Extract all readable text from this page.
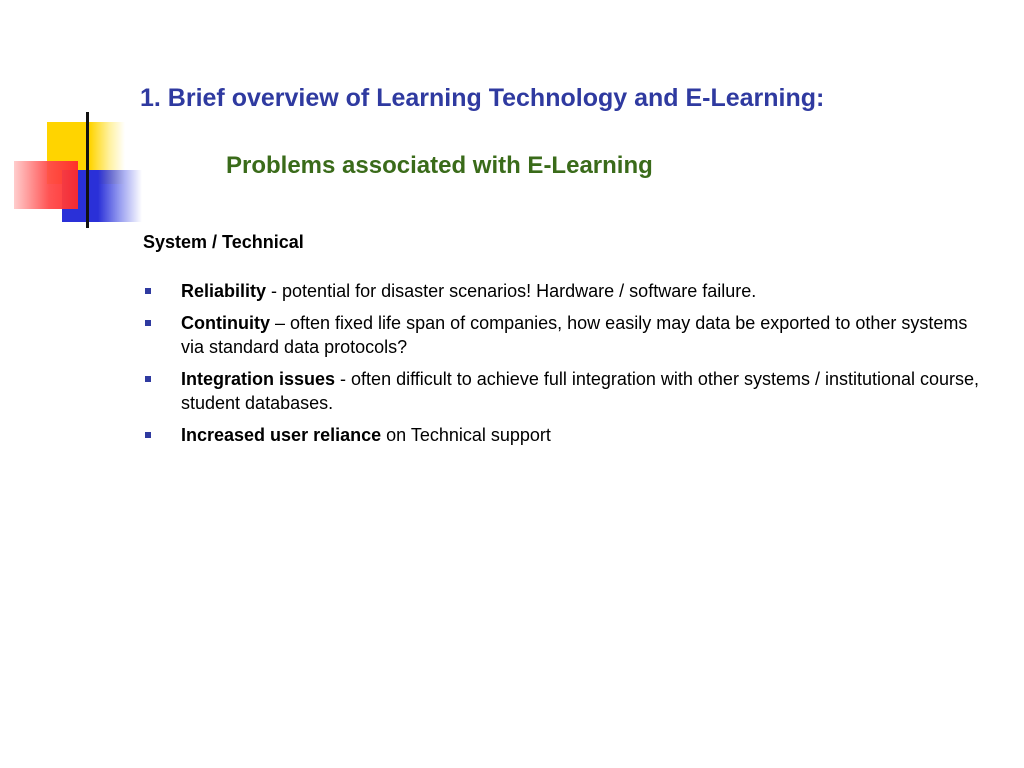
1. Brief overview of Learning Technology and E-Learning:
Problems associated with E-Learning

System / Technical

Reliability - potential for disaster scenarios! Hardware / software failure.
Continuity – often fixed life span of companies, how easily may data be exported to other systems via standard data protocols?
Integration issues - often difficult to achieve full integration with other systems / institutional course, student databases.
Increased user reliance on Technical support
